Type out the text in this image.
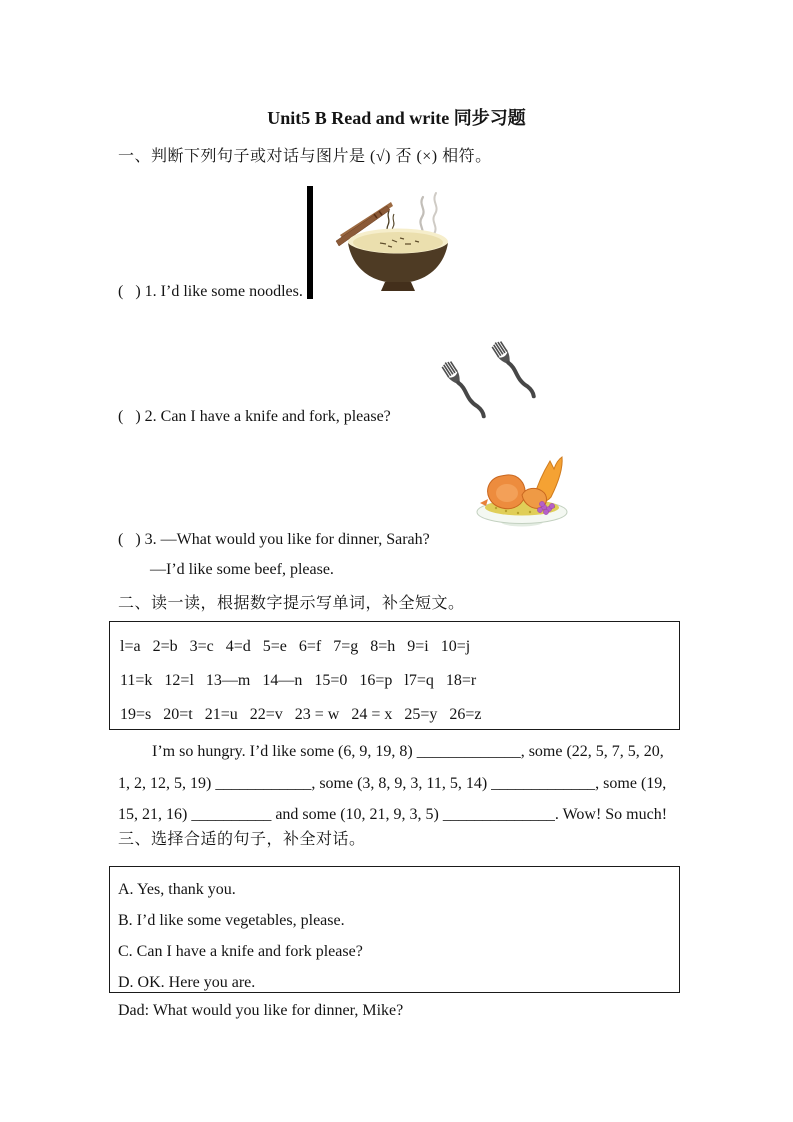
Unit5 B Read and write 同步习题
一、判断下列句子或对话与图片是 (√) 否 (×) 相符。
(   ) 1. I’d like some noodles.
(   ) 2. Can I have a knife and fork, please?
(   ) 3. —What would you like for dinner, Sarah?
—I’d like some beef, please.
二、读一读，根据数字提示写单词，补全短文。
l=a   2=b   3=c   4=d   5=e   6=f   7=g   8=h   9=i   10=j
11=k   12=l   13—m   14—n   15=0   16=p   l7=q   18=r
19=s   20=t   21=u   22=v   23 = w   24 = x   25=y   26=z
I’m so hungry. I’d like some (6, 9, 19, 8) _____________, some (22, 5, 7, 5, 20,
1, 2, 12, 5, 19) ____________, some (3, 8, 9, 3, 11, 5, 14) _____________, some (19,
15, 21, 16) __________ and some (10, 21, 9, 3, 5) ______________. Wow! So much!
三、选择合适的句子，补全对话。
A. Yes, thank you.
B. I’d like some vegetables, please.
C. Can I have a knife and fork please?
D. OK. Here you are.
Dad: What would you like for dinner, Mike?
